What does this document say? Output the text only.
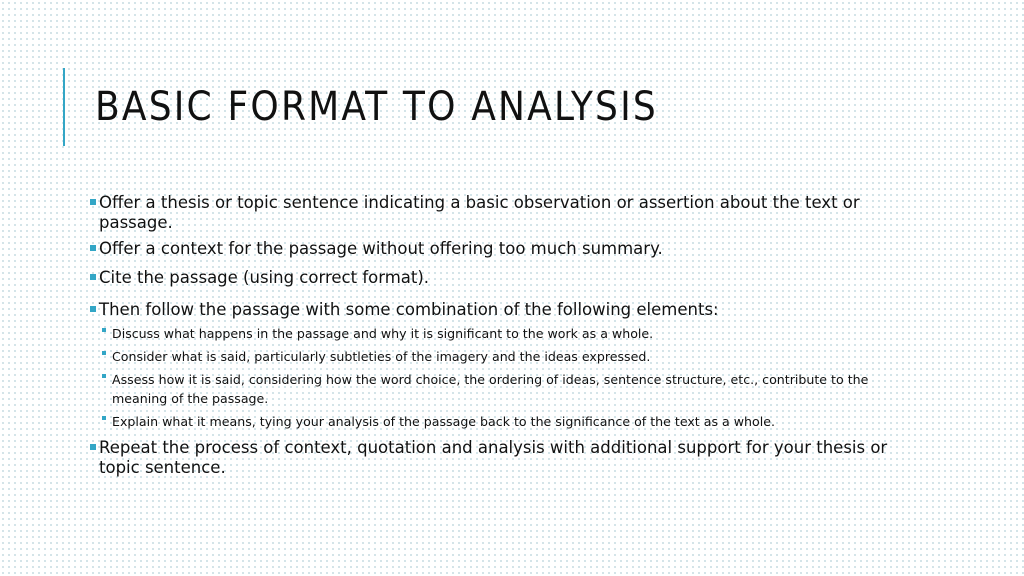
BASIC FORMAT TO ANALYSIS
Offer a thesis or topic sentence indicating a basic observation or assertion about the text or passage.
Offer a context for the passage without offering too much summary.
Cite the passage (using correct format).
Then follow the passage with some combination of the following elements:
Discuss what happens in the passage and why it is significant to the work as a whole.
Consider what is said, particularly subtleties of the imagery and the ideas expressed.
Assess how it is said, considering how the word choice, the ordering of ideas, sentence structure, etc., contribute to the meaning of the passage.
Explain what it means, tying your analysis of the passage back to the significance of the text as a whole.
Repeat the process of context, quotation and analysis with additional support for your thesis or topic sentence.
